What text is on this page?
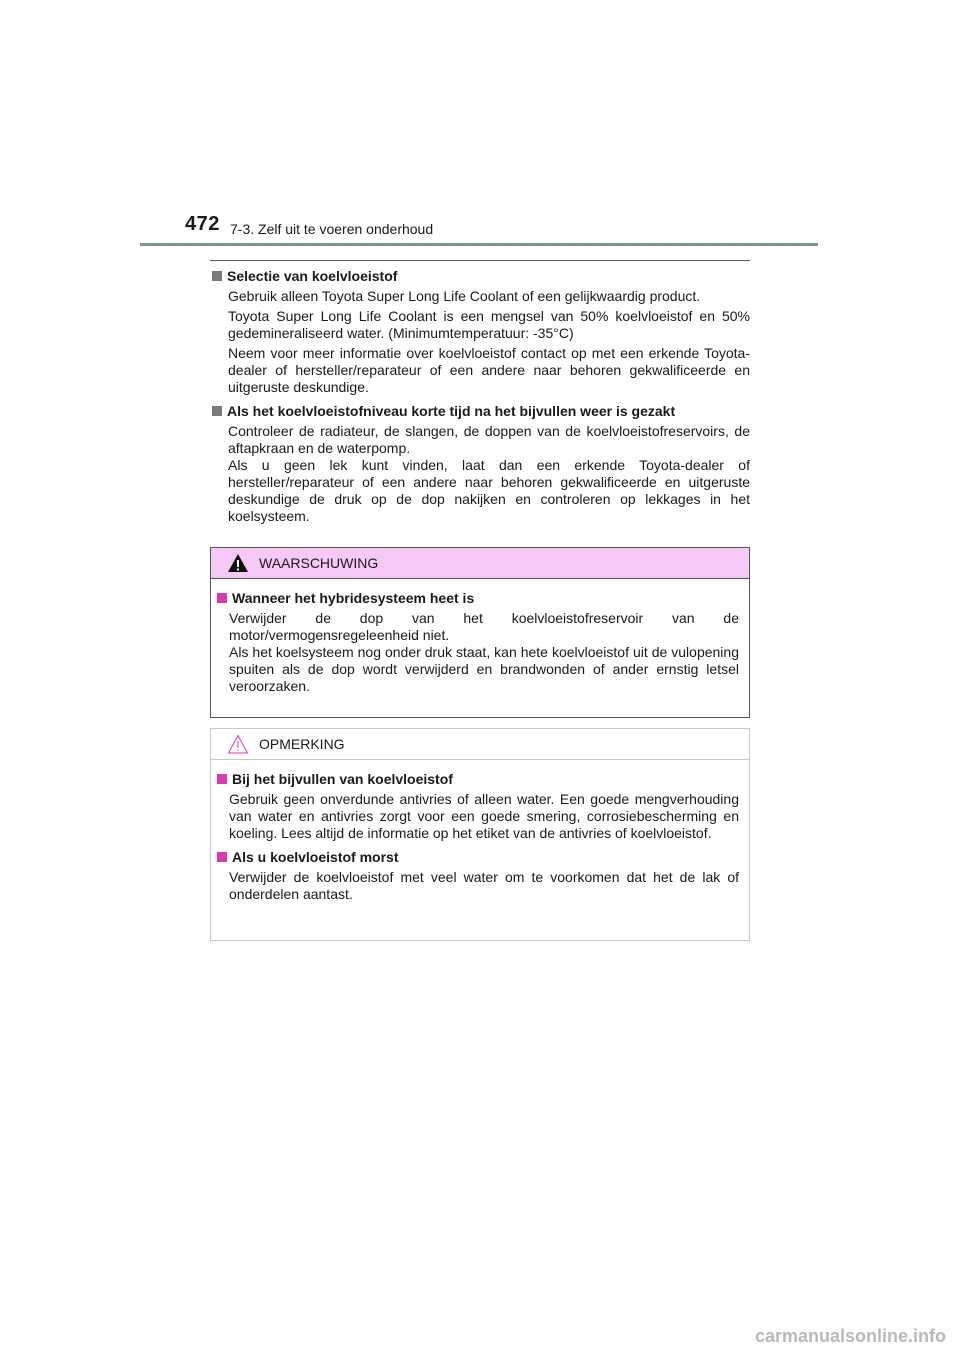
472 7-3. Zelf uit te voeren onderhoud
Selectie van koelvloeistof

Gebruik alleen Toyota Super Long Life Coolant of een gelijkwaardig product.

Toyota Super Long Life Coolant is een mengsel van 50% koelvloeistof en 50% gedemineraliseerd water. (Minimumtemperatuur: -35°C)

Neem voor meer informatie over koelvloeistof contact op met een erkende Toyota-dealer of hersteller/reparateur of een andere naar behoren gekwalificeerde en uitgeruste deskundige.

Als het koelvloeistofniveau korte tijd na het bijvullen weer is gezakt

Controleer de radiateur, de slangen, de doppen van de koelvloeistofreservoirs, de aftapkraan en de waterpomp.

Als u geen lek kunt vinden, laat dan een erkende Toyota-dealer of hersteller/reparateur of een andere naar behoren gekwalificeerde en uitgeruste deskundige de druk op de dop nakijken en controleren op lekkages in het koelsysteem.

WAARSCHUWING
Wanneer het hybridesysteem heet is

Verwijder de dop van het koelvloeistofreservoir van de motor/vermogensregeleenheid niet.

Als het koelsysteem nog onder druk staat, kan hete koelvloeistof uit de vulopening spuiten als de dop wordt verwijderd en brandwonden of ander ernstig letsel veroorzaken.

OPMERKING
Bij het bijvullen van koelvloeistof

Gebruik geen onverdunde antivries of alleen water. Een goede mengverhouding van water en antivries zorgt voor een goede smering, corrosiebescherming en koeling. Lees altijd de informatie op het etiket van de antivries of koelvloeistof.

Als u koelvloeistof morst

Verwijder de koelvloeistof met veel water om te voorkomen dat het de lak of onderdelen aantast.

carmanualsonline.info
